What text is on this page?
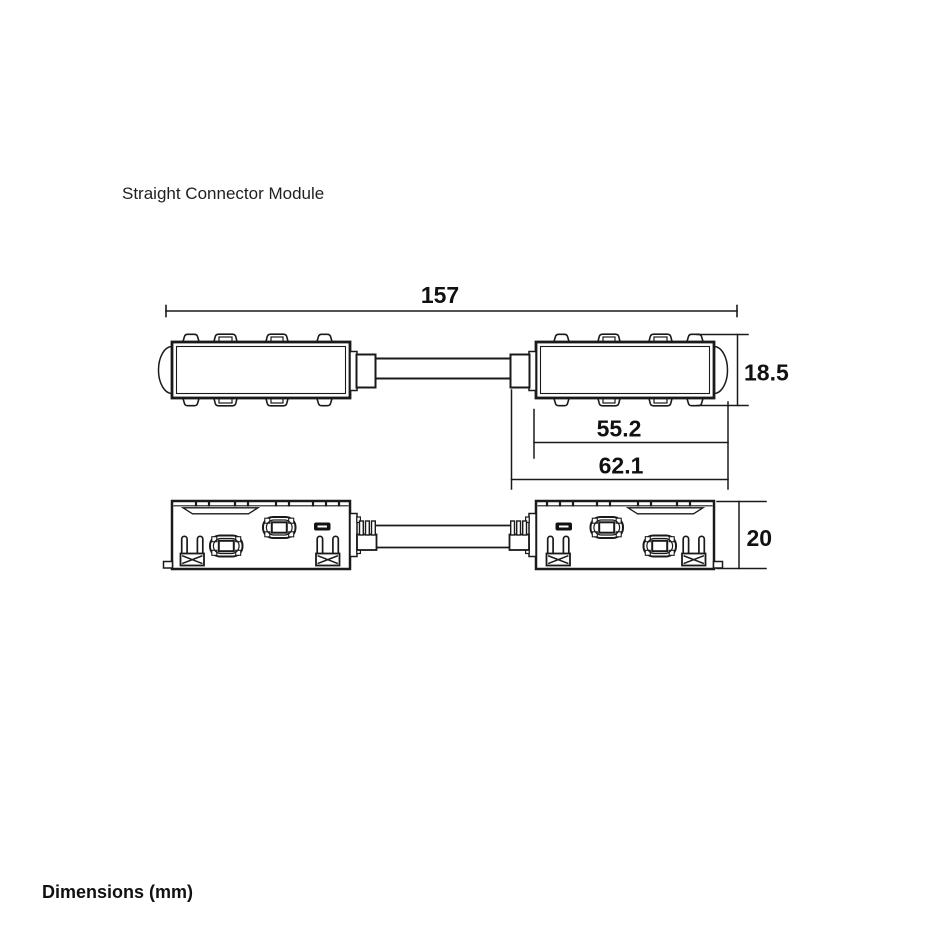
Straight Connector Module
157
18.5
55.2
62.1
20
Dimensions (mm)
